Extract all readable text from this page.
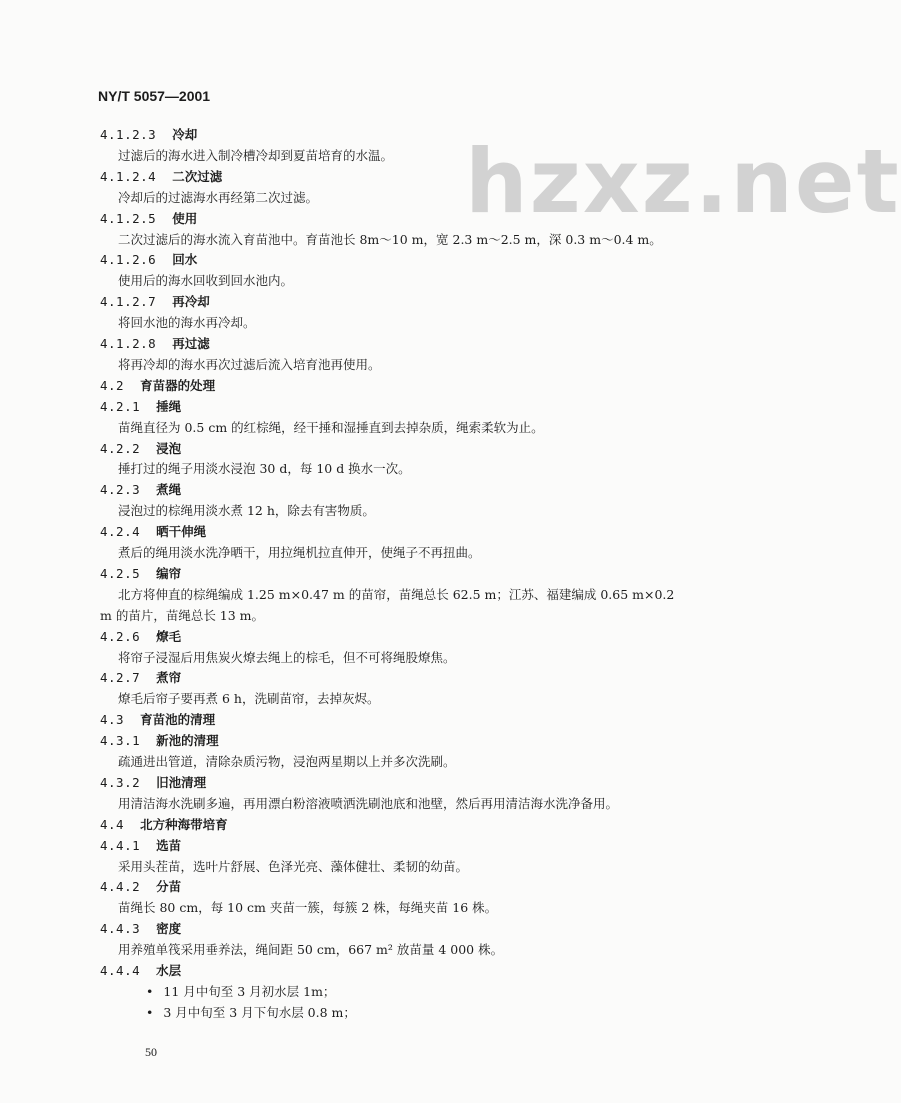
hzxz.net
NY/T 5057—2001
4.1.2.3 冷却
过滤后的海水进入制冷槽冷却到夏苗培育的水温。
4.1.2.4 二次过滤
冷却后的过滤海水再经第二次过滤。
4.1.2.5 使用
二次过滤后的海水流入育苗池中。育苗池长 8m～10 m，宽 2.3 m～2.5 m，深 0.3 m～0.4 m。
4.1.2.6 回水
使用后的海水回收到回水池内。
4.1.2.7 再冷却
将回水池的海水再冷却。
4.1.2.8 再过滤
将再冷却的海水再次过滤后流入培育池再使用。
4.2 育苗器的处理
4.2.1 捶绳
苗绳直径为 0.5 cm 的红棕绳，经干捶和湿捶直到去掉杂质，绳索柔软为止。
4.2.2 浸泡
捶打过的绳子用淡水浸泡 30 d，每 10 d 换水一次。
4.2.3 煮绳
浸泡过的棕绳用淡水煮 12 h，除去有害物质。
4.2.4 晒干伸绳
煮后的绳用淡水洗净晒干，用拉绳机拉直伸开，使绳子不再扭曲。
4.2.5 编帘
北方将伸直的棕绳编成 1.25 m×0.47 m 的苗帘，苗绳总长 62.5 m；江苏、福建编成 0.65 m×0.2
m 的苗片，苗绳总长 13 m。
4.2.6 燎毛
将帘子浸湿后用焦炭火燎去绳上的棕毛，但不可将绳股燎焦。
4.2.7 煮帘
燎毛后帘子要再煮 6 h，洗刷苗帘，去掉灰烬。
4.3 育苗池的清理
4.3.1 新池的清理
疏通进出管道，清除杂质污物，浸泡两星期以上并多次洗刷。
4.3.2 旧池清理
用清洁海水洗刷多遍，再用漂白粉溶液喷洒洗刷池底和池壁，然后再用清洁海水洗净备用。
4.4 北方种海带培育
4.4.1 选苗
采用头茬苗，选叶片舒展、色泽光亮、藻体健壮、柔韧的幼苗。
4.4.2 分苗
苗绳长 80 cm，每 10 cm 夹苗一簇，每簇 2 株，每绳夹苗 16 株。
4.4.3 密度
用养殖单筏采用垂养法，绳间距 50 cm，667 m² 放苗量 4 000 株。
4.4.4 水层
• 11 月中旬至 3 月初水层 1m；
• 3 月中旬至 3 月下旬水层 0.8 m；
50
